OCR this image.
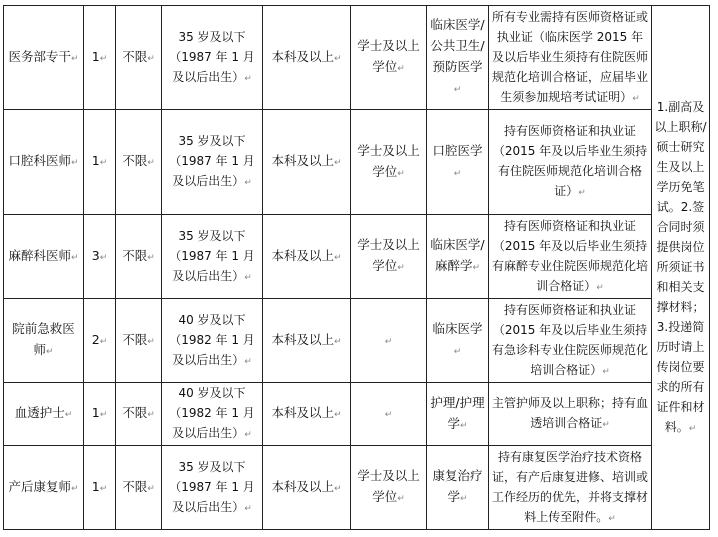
医务部专干↵	1↵	不限↵	35 岁及以下（1987 年 1 月及以后出生）↵	本科及以上↵	学士及以上学位↵	临床医学/公共卫生/预防医学↵	所有专业需持有医师资格证或执业证（临床医学 2015 年及以后毕业生须持有住院医师规范化培训合格证，应届毕业生须参加规培考试证明）↵	1.副高及以上职称/硕士研究生及以上学历免笔试。2.签合同时须提供岗位所须证书和相关支撑材料；3.投递简历时请上传岗位要求的所有证件和材料。↵
口腔科医师↵	1↵	不限↵	35 岁及以下（1987 年 1 月及以后出生）↵	本科及以上↵	学士及以上学位↵	口腔医学↵	持有医师资格证和执业证（2015 年及以后毕业生须持有住院医师规范化培训合格证）↵	
麻醉科医师↵	3↵	不限↵	35 岁及以下（1987 年 1 月及以后出生）↵	本科及以上↵	学士及以上学位↵	临床医学/麻醉学↵	持有医师资格证和执业证（2015 年及以后毕业生须持有麻醉专业住院医师规范化培训合格证）↵	
院前急救医师↵	2↵	不限↵	40 岁及以下（1982 年 1 月及以后出生）↵	本科及以上↵	↵	临床医学↵	持有医师资格证和执业证（2015 年及以后毕业生须持有急诊科专业住院医师规范化培训合格证）↵	
血透护士↵	1↵	不限↵	40 岁及以下（1982 年 1 月及以后出生）↵	本科及以上↵	↵	护理/护理学↵	主管护师及以上职称；持有血透培训合格证↵	
产后康复师↵	1↵	不限↵	35 岁及以下（1987 年 1 月及以后出生）↵	本科及以上↵	学士及以上学位↵	康复治疗学↵	持有康复医学治疗技术资格证，有产后康复进修、培训或工作经历的优先，并将支撑材料上传至附件。↵	
